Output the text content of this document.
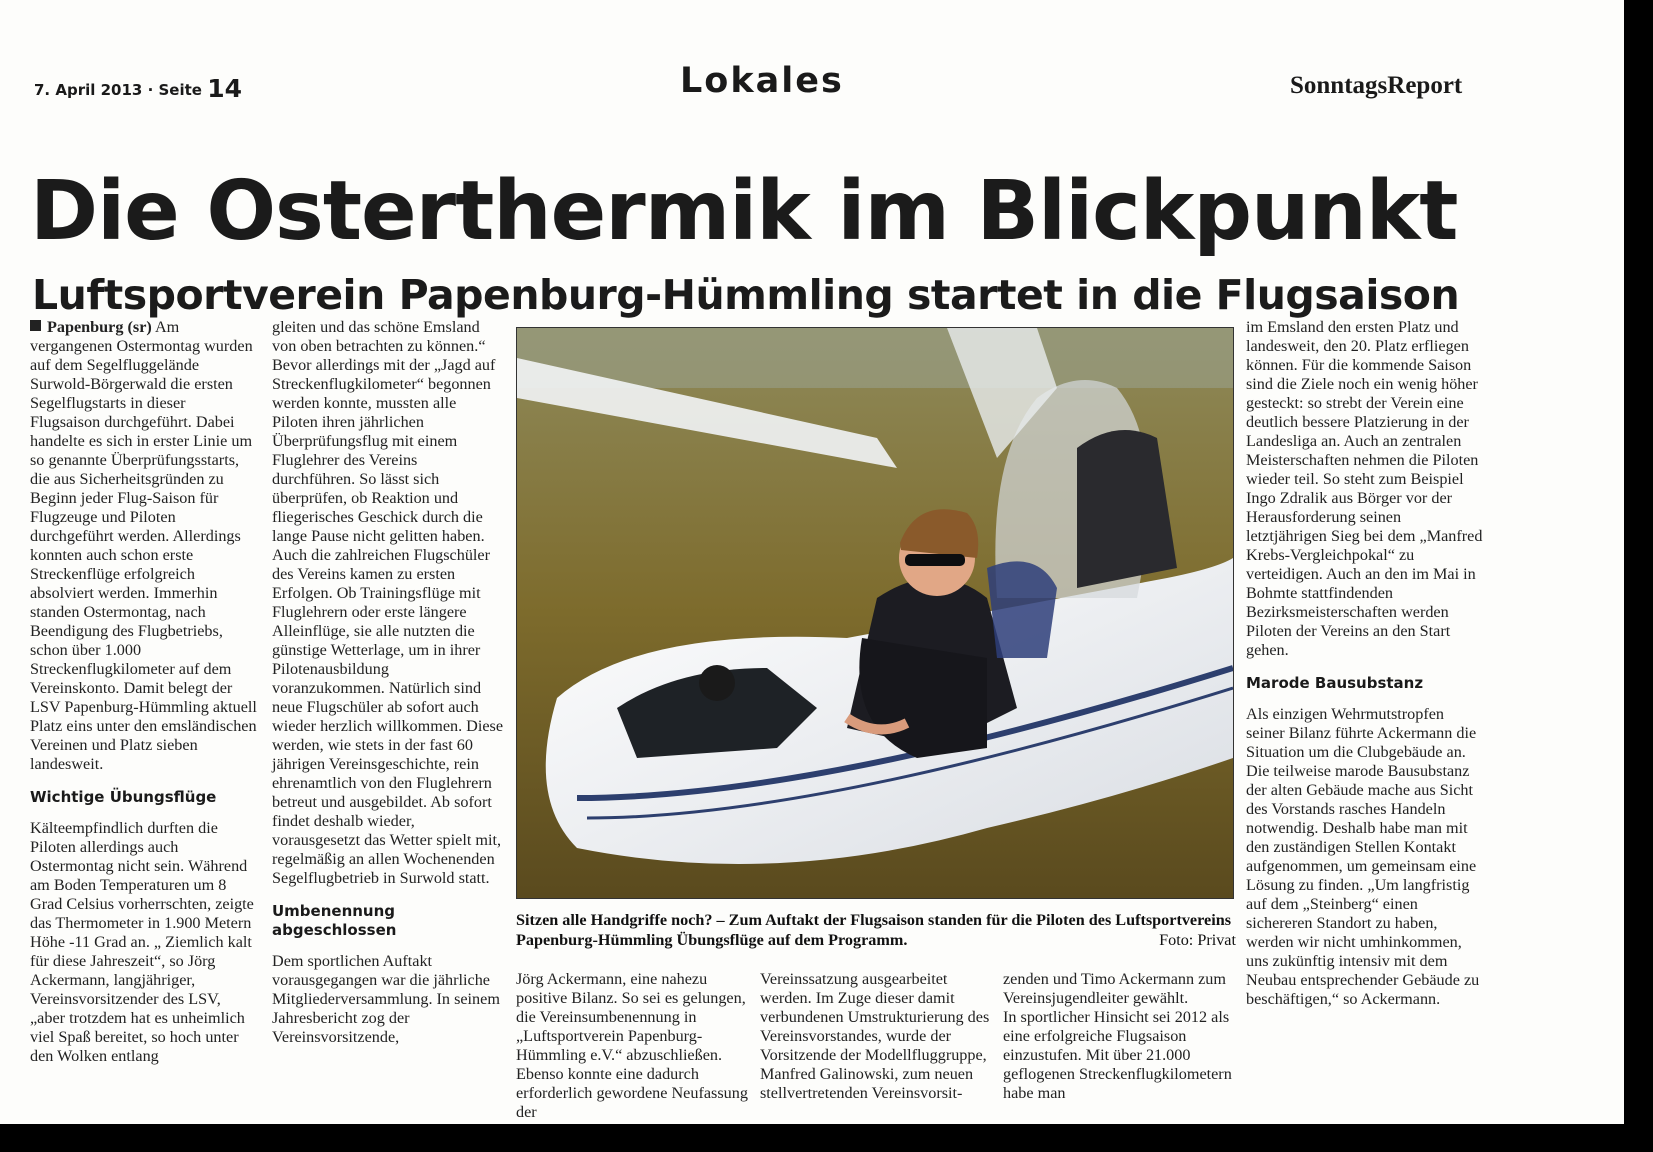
7. April 2013 · Seite 14	Lokales	SonntagsReport
Die Osterthermik im Blickpunkt
Luftsportverein Papenburg-Hümmling startet in die Flugsaison

Papenburg (sr) Am vergangenen Ostermontag wurden auf dem Segelfluggelände Surwold-Börgerwald die ersten Segelflugstarts in dieser Flugsaison durchgeführt. Dabei handelte es sich in erster Linie um so genannte Überprüfungsstarts, die aus Sicherheitsgründen zu Beginn jeder Flug-Saison für Flugzeuge und Piloten durchgeführt werden. Allerdings konnten auch schon erste Streckenflüge erfolgreich absolviert werden. Immerhin standen Ostermontag, nach Beendigung des Flugbetriebs, schon über 1.000 Streckenflugkilometer auf dem Vereinskonto. Damit belegt der LSV Papenburg-Hümmling aktuell Platz eins unter den emsländischen Vereinen und Platz sieben landesweit.

Wichtige Übungsflüge

Kälteempfindlich durften die Piloten allerdings auch Ostermontag nicht sein. Während am Boden Temperaturen um 8 Grad Celsius vorherrschten, zeigte das Thermometer in 1.900 Metern Höhe -11 Grad an. „ Ziemlich kalt für diese Jahreszeit“, so Jörg Ackermann, langjähriger, Vereinsvorsitzender des LSV, „aber trotzdem hat es unheimlich viel Spaß bereitet, so hoch unter den Wolken entlang

gleiten und das schöne Emsland von oben betrachten zu können.“

Bevor allerdings mit der „Jagd auf Streckenflugkilometer“ begonnen werden konnte, mussten alle Piloten ihren jährlichen Überprüfungsflug mit einem Fluglehrer des Vereins durchführen. So lässt sich überprüfen, ob Reaktion und fliegerisches Geschick durch die lange Pause nicht gelitten haben.

Auch die zahlreichen Flugschüler des Vereins kamen zu ersten Erfolgen. Ob Trainingsflüge mit Fluglehrern oder erste längere Alleinflüge, sie alle nutzten die günstige Wetterlage, um in ihrer Pilotenausbildung voranzukommen. Natürlich sind neue Flugschüler ab sofort auch wieder herzlich willkommen. Diese werden, wie stets in der fast 60 jährigen Vereinsgeschichte, rein ehrenamtlich von den Fluglehrern betreut und ausgebildet. Ab sofort findet deshalb wieder, vorausgesetzt das Wetter spielt mit, regelmäßig an allen Wochenenden Segelflugbetrieb in Surwold statt.

Umbenennung abgeschlossen

Dem sportlichen Auftakt vorausgegangen war die jährliche Mitgliederversammlung. In seinem Jahresbericht zog der Vereinsvorsitzende,

Sitzen alle Handgriffe noch? – Zum Auftakt der Flugsaison standen für die Piloten des Luftsportvereins Papenburg-Hümmling Übungsflüge auf dem Programm.	Foto: Privat

Jörg Ackermann, eine nahezu positive Bilanz. So sei es gelungen, die Vereinsumbenennung in „Luftsportverein Papenburg-Hümmling e.V.“ abzuschließen. Ebenso konnte eine dadurch erforderlich gewordene Neufassung der

Vereinssatzung ausgearbeitet werden. Im Zuge dieser damit verbundenen Umstrukturierung des Vereinsvorstandes, wurde der Vorsitzende der Modellfluggruppe, Manfred Galinowski, zum neuen stellvertretenden Vereinsvorsit-

zenden und Timo Ackermann zum Vereinsjugendleiter gewählt.

In sportlicher Hinsicht sei 2012 als eine erfolgreiche Flugsaison einzustufen. Mit über 21.000 geflogenen Streckenflugkilometern habe man

im Emsland den ersten Platz und landesweit, den 20. Platz erfliegen können. Für die kommende Saison sind die Ziele noch ein wenig höher gesteckt: so strebt der Verein eine deutlich bessere Platzierung in der Landesliga an. Auch an zentralen Meisterschaften nehmen die Piloten wieder teil. So steht zum Beispiel Ingo Zdralik aus Börger vor der Herausforderung seinen letztjährigen Sieg bei dem „Manfred Krebs-Vergleichpokal“ zu verteidigen. Auch an den im Mai in Bohmte stattfindenden Bezirksmeisterschaften werden Piloten der Vereins an den Start gehen.

Marode Bausubstanz

Als einzigen Wehrmutstropfen seiner Bilanz führte Ackermann die Situation um die Clubgebäude an. Die teilweise marode Bausubstanz der alten Gebäude mache aus Sicht des Vorstands rasches Handeln notwendig. Deshalb habe man mit den zuständigen Stellen Kontakt aufgenommen, um gemeinsam eine Lösung zu finden. „Um langfristig auf dem „Steinberg“ einen sichereren Standort zu haben, werden wir nicht umhinkommen, uns zukünftig intensiv mit dem Neubau entsprechender Gebäude zu beschäftigen,“ so Ackermann.
